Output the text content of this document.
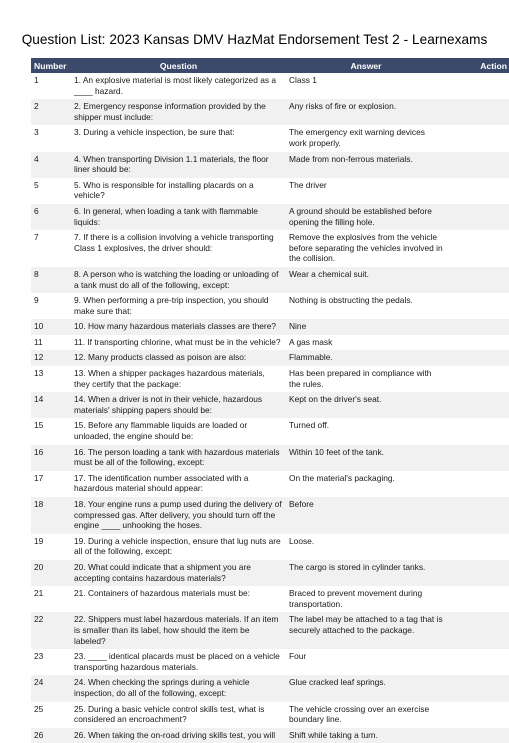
Question List: 2023 Kansas DMV HazMat Endorsement Test 2 - Learnexams
Number	Question	Answer	Action
1	1. An explosive material is most likely categorized as a ____ hazard.	Class 1	
2	2. Emergency response information provided by the shipper must include:	Any risks of fire or explosion.	
3	3. During a vehicle inspection, be sure that:	The emergency exit warning devices work properly.	
4	4. When transporting Division 1.1 materials, the floor liner should be:	Made from non-ferrous materials.	
5	5. Who is responsible for installing placards on a vehicle?	The driver	
6	6. In general, when loading a tank with flammable liquids:	A ground should be established before opening the filling hole.	
7	7. If there is a collision involving a vehicle transporting Class 1 explosives, the driver should:	Remove the explosives from the vehicle before separating the vehicles involved in the collision.	
8	8. A person who is watching the loading or unloading of a tank must do all of the following, except:	Wear a chemical suit.	
9	9. When performing a pre-trip inspection, you should make sure that:	Nothing is obstructing the pedals.	
10	10. How many hazardous materials classes are there?	Nine	
11	11. If transporting chlorine, what must be in the vehicle?	A gas mask	
12	12. Many products classed as poison are also:	Flammable.	
13	13. When a shipper packages hazardous materials, they certify that the package:	Has been prepared in compliance with the rules.	
14	14. When a driver is not in their vehicle, hazardous materials' shipping papers should be:	Kept on the driver's seat.	
15	15. Before any flammable liquids are loaded or unloaded, the engine should be:	Turned off.	
16	16. The person loading a tank with hazardous materials must be all of the following, except:	Within 10 feet of the tank.	
17	17. The identification number associated with a hazardous material should appear:	On the material's packaging.	
18	18. Your engine runs a pump used during the delivery of compressed gas. After delivery, you should turn off the engine ____ unhooking the hoses.	Before	
19	19. During a vehicle inspection, ensure that lug nuts are all of the following, except:	Loose.	
20	20. What could indicate that a shipment you are accepting contains hazardous materials?	The cargo is stored in cylinder tanks.	
21	21. Containers of hazardous materials must be:	Braced to prevent movement during transportation.	
22	22. Shippers must label hazardous materials. If an item is smaller than its label, how should the item be labeled?	The label may be attached to a tag that is securely attached to the package.	
23	23. ____ identical placards must be placed on a vehicle transporting hazardous materials.	Four	
24	24. When checking the springs during a vehicle inspection, do all of the following, except:	Glue cracked leaf springs.	
25	25. During a basic vehicle control skills test, what is considered an encroachment?	The vehicle crossing over an exercise boundary line.	
26	26. When taking the on-road driving skills test, you will	Shift while taking a turn.	
